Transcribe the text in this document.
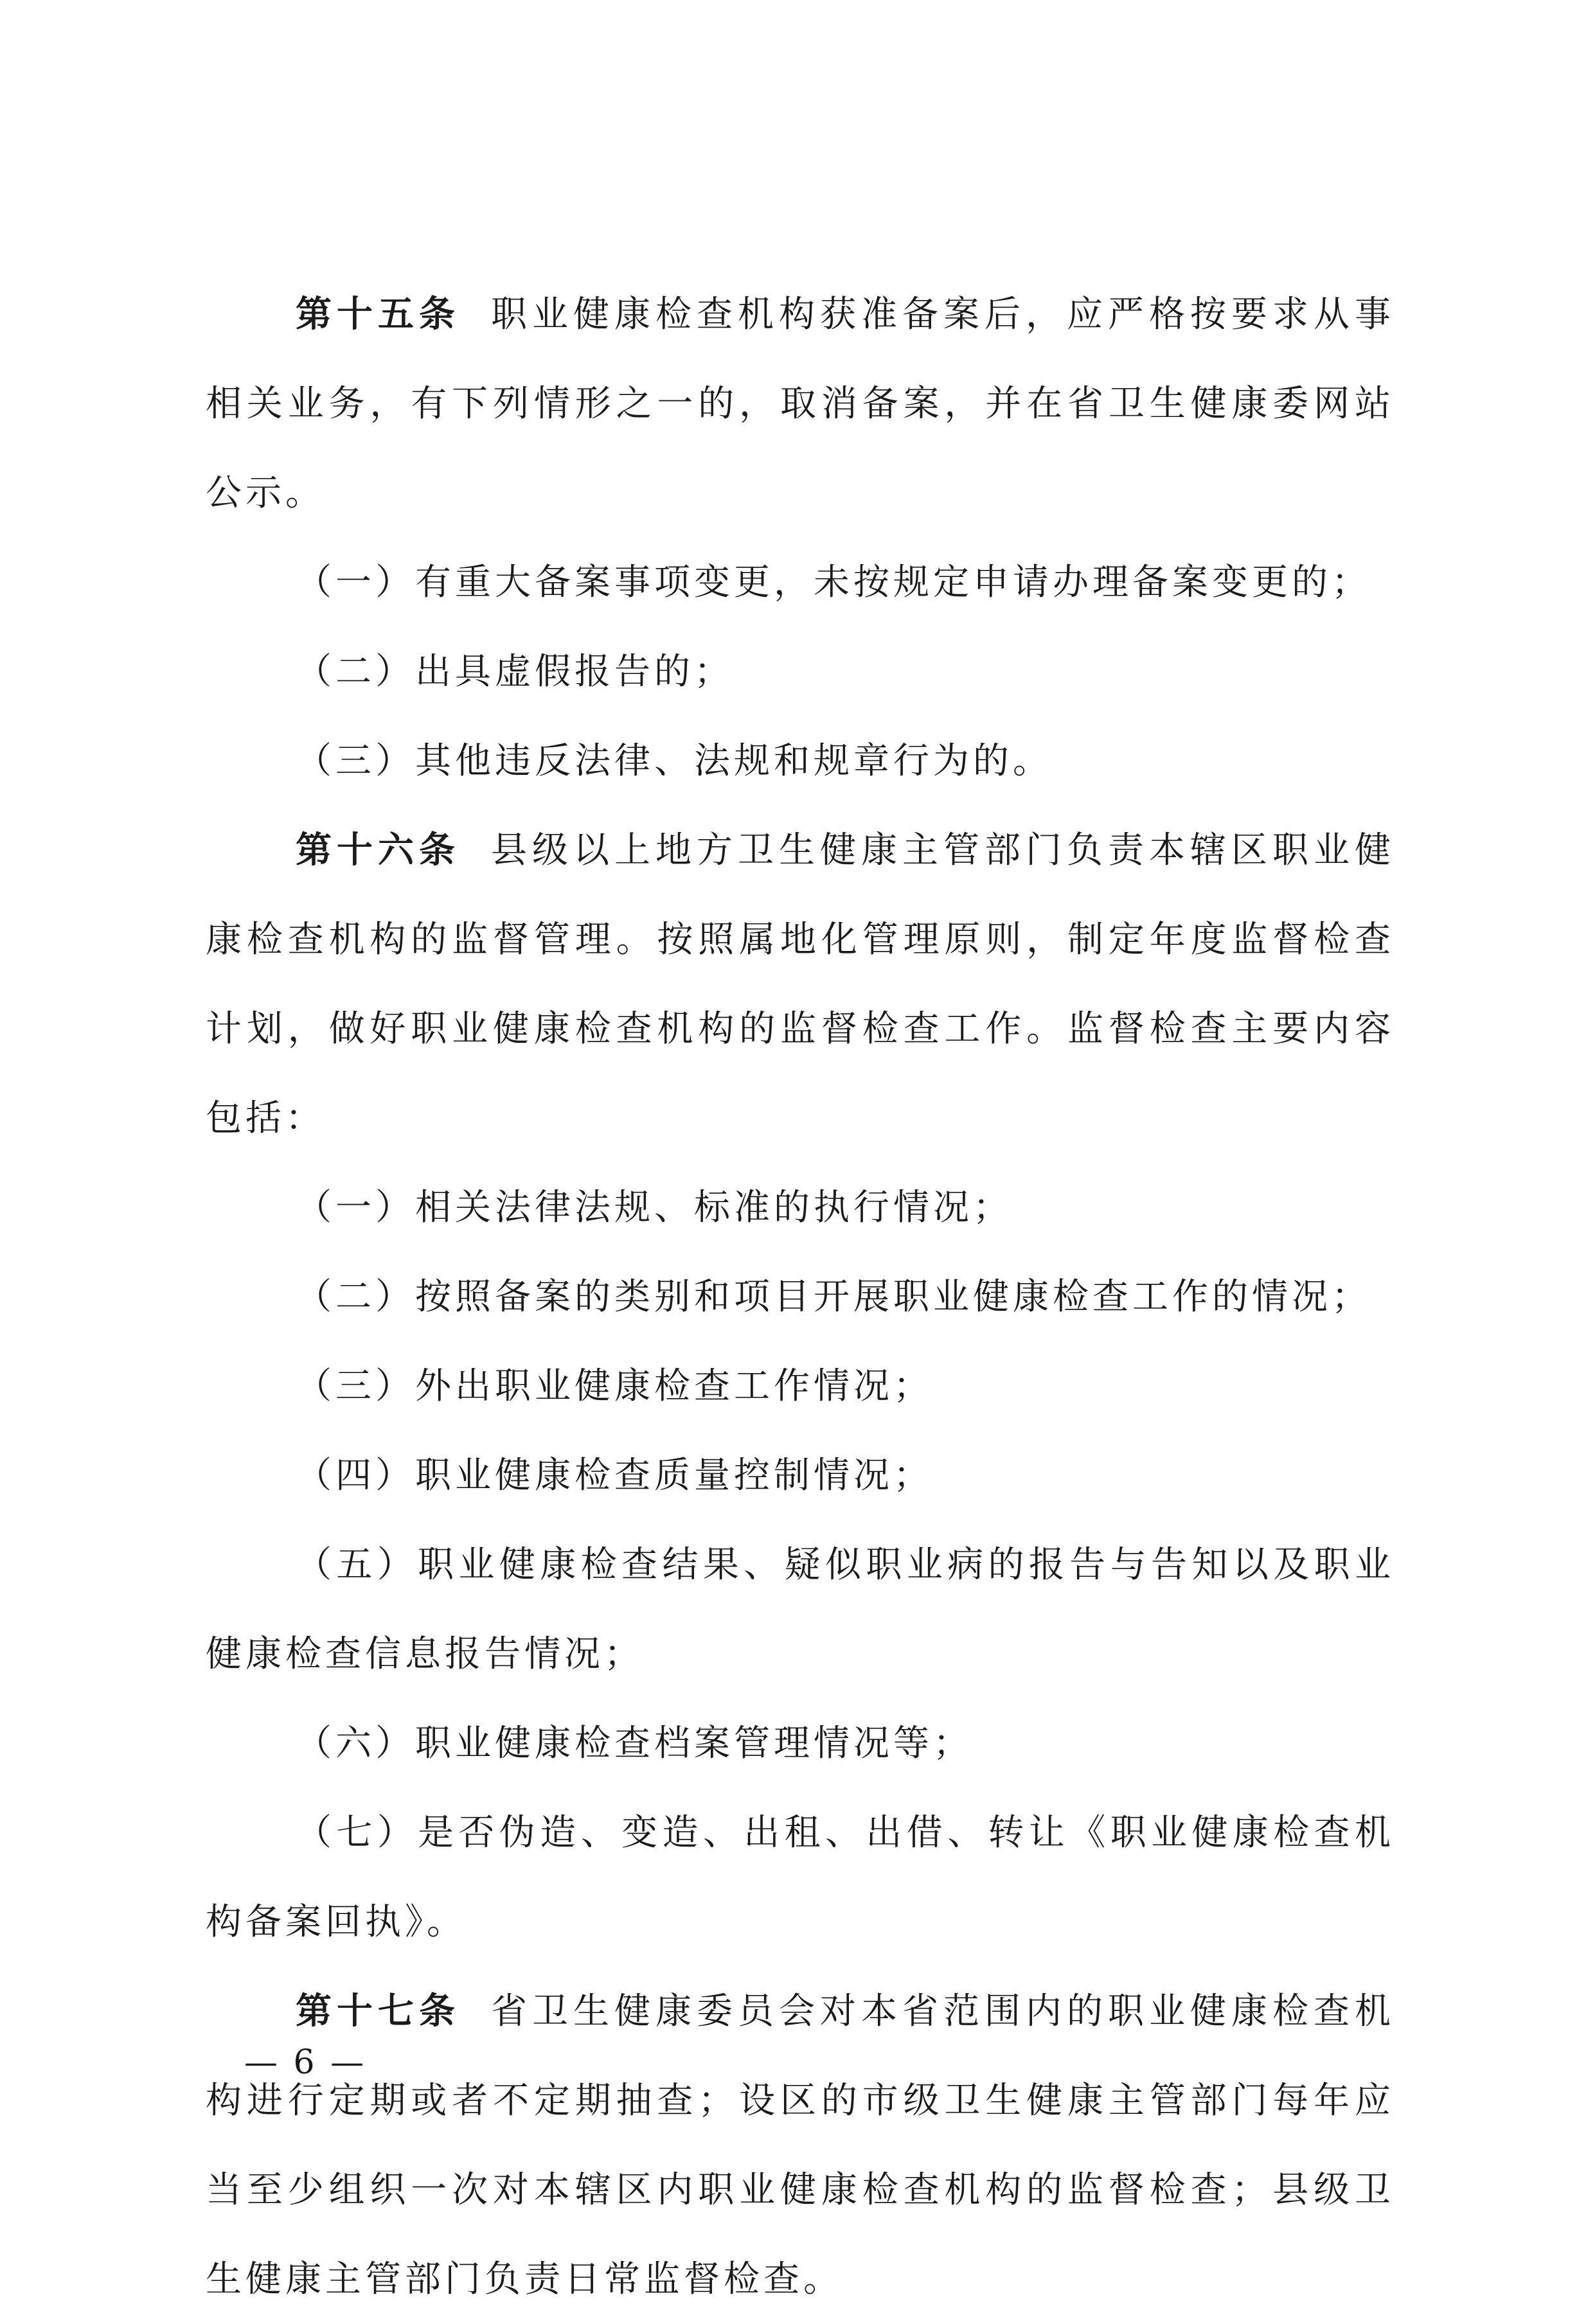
第十五条 职业健康检查机构获准备案后，应严格按要求从事相关业务，有下列情形之一的，取消备案，并在省卫生健康委网站公示。

（一）有重大备案事项变更，未按规定申请办理备案变更的；

（二）出具虚假报告的；

（三）其他违反法律、法规和规章行为的。

第十六条 县级以上地方卫生健康主管部门负责本辖区职业健康检查机构的监督管理。按照属地化管理原则，制定年度监督检查计划，做好职业健康检查机构的监督检查工作。监督检查主要内容包括：

（一）相关法律法规、标准的执行情况；

（二）按照备案的类别和项目开展职业健康检查工作的情况；

（三）外出职业健康检查工作情况；

（四）职业健康检查质量控制情况；

（五）职业健康检查结果、疑似职业病的报告与告知以及职业健康检查信息报告情况；

（六）职业健康检查档案管理情况等；

（七）是否伪造、变造、出租、出借、转让《职业健康检查机构备案回执》。

第十七条 省卫生健康委员会对本省范围内的职业健康检查机构进行定期或者不定期抽查；设区的市级卫生健康主管部门每年应当至少组织一次对本辖区内职业健康检查机构的监督检查；县级卫生健康主管部门负责日常监督检查。

— 6 —
